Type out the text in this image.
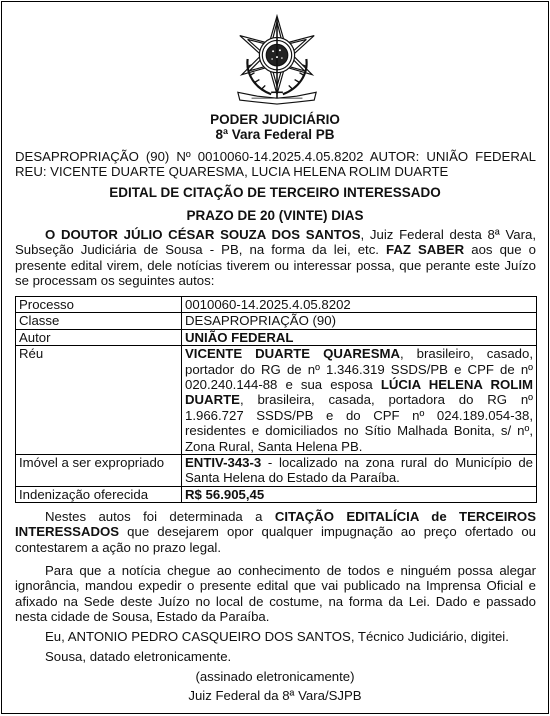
PODER JUDICIÁRIO
8ª Vara Federal PB
DESAPROPRIAÇÃO (90) Nº 0010060-14.2025.4.05.8202 AUTOR: UNIÃO FEDERAL REU: VICENTE DUARTE QUARESMA, LUCIA HELENA ROLIM DUARTE
EDITAL DE CITAÇÃO DE TERCEIRO INTERESSADO
PRAZO DE 20 (VINTE) DIAS
O DOUTOR JÚLIO CÉSAR SOUZA DOS SANTOS, Juiz Federal desta 8ª Vara, Subseção Judiciária de Sousa - PB, na forma da lei, etc. FAZ SABER aos que o presente edital virem, dele notícias tiverem ou interessar possa, que perante este Juízo se processam os seguintes autos:
Processo	0010060-14.2025.4.05.8202
Classe	DESAPROPRIAÇÃO (90)
Autor	UNIÃO FEDERAL
Réu	VICENTE DUARTE QUARESMA, brasileiro, casado, portador do RG de nº 1.346.319 SSDS/PB e CPF de nº 020.240.144-88 e sua esposa LÚCIA HELENA ROLIM DUARTE, brasileira, casada, portadora do RG nº 1.966.727 SSDS/PB e do CPF nº 024.189.054-38, residentes e domiciliados no Sítio Malhada Bonita, s/ nº, Zona Rural, Santa Helena PB.
Imóvel a ser expropriado	ENTIV-343-3 - localizado na zona rural do Município de Santa Helena do Estado da Paraíba.
Indenização oferecida	R$ 56.905,45
Nestes autos foi determinada a CITAÇÃO EDITALÍCIA de TERCEIROS INTERESSADOS que desejarem opor qualquer impugnação ao preço ofertado ou contestarem a ação no prazo legal.
Para que a notícia chegue ao conhecimento de todos e ninguém possa alegar ignorância, mandou expedir o presente edital que vai publicado na Imprensa Oficial e afixado na Sede deste Juízo no local de costume, na forma da Lei. Dado e passado nesta cidade de Sousa, Estado da Paraíba.
Eu, ANTONIO PEDRO CASQUEIRO DOS SANTOS, Técnico Judiciário, digitei.
Sousa, datado eletronicamente.
(assinado eletronicamente)
Juiz Federal da 8ª Vara/SJPB
